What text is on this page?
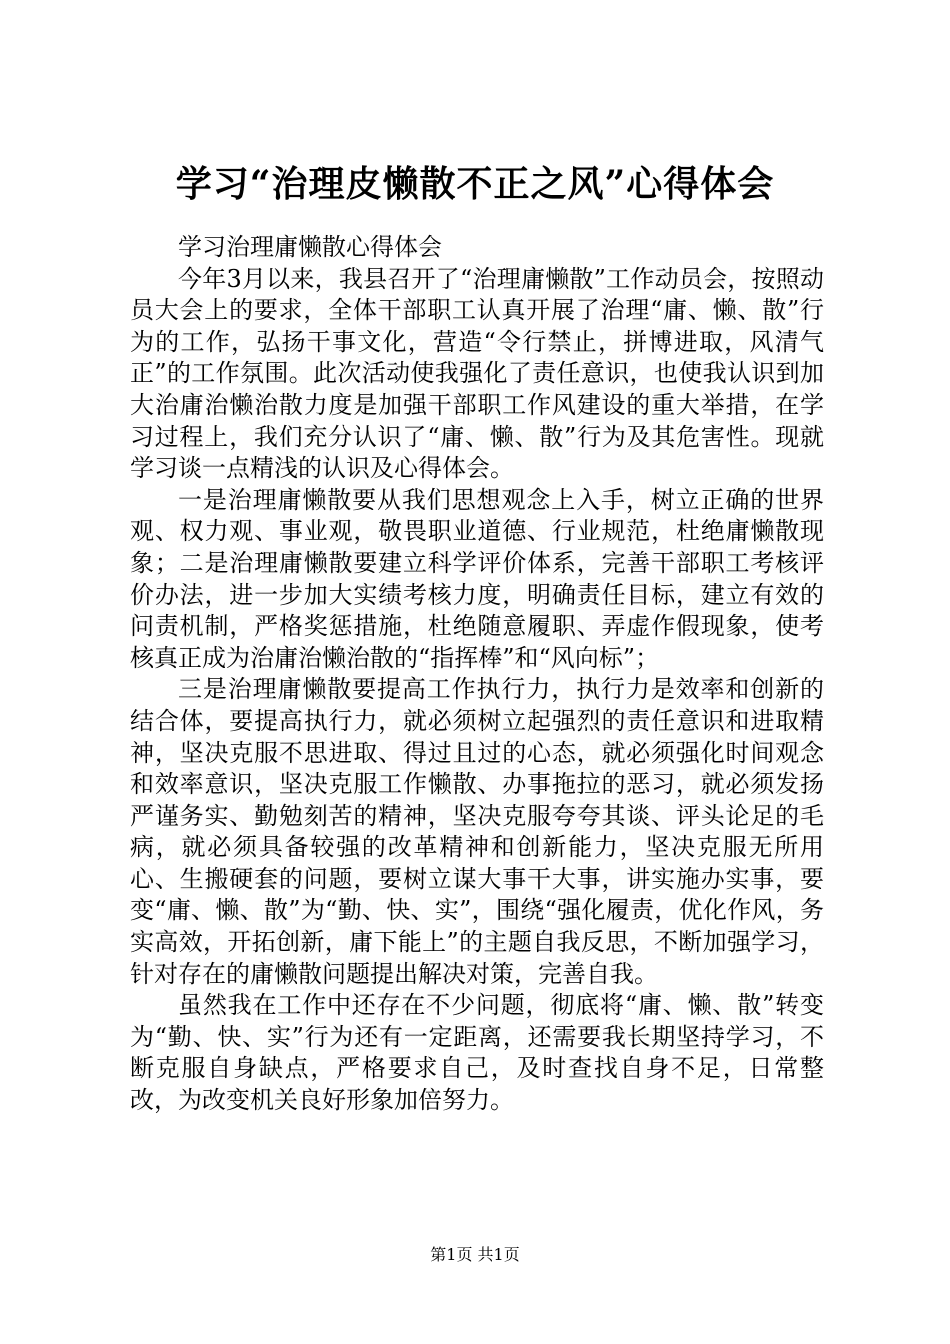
学习“治理皮懒散不正之风”心得体会

学习治理庸懒散心得体会

今年3月以来，我县召开了“治理庸懒散”工作动员会，按照动员大会上的要求，全体干部职工认真开展了治理“庸、懒、散”行为的工作，弘扬干事文化，营造“令行禁止，拼博进取，风清气正”的工作氛围。此次活动使我强化了责任意识，也使我认识到加大治庸治懒治散力度是加强干部职工作风建设的重大举措，在学习过程上，我们充分认识了“庸、懒、散”行为及其危害性。现就学习谈一点精浅的认识及心得体会。

一是治理庸懒散要从我们思想观念上入手，树立正确的世界观、权力观、事业观，敬畏职业道德、行业规范，杜绝庸懒散现象；二是治理庸懒散要建立科学评价体系，完善干部职工考核评价办法，进一步加大实绩考核力度，明确责任目标，建立有效的问责机制，严格奖惩措施，杜绝随意履职、弄虚作假现象，使考核真正成为治庸治懒治散的“指挥棒”和“风向标”；

三是治理庸懒散要提高工作执行力，执行力是效率和创新的结合体，要提高执行力，就必须树立起强烈的责任意识和进取精神，坚决克服不思进取、得过且过的心态，就必须强化时间观念和效率意识，坚决克服工作懒散、办事拖拉的恶习，就必须发扬严谨务实、勤勉刻苦的精神，坚决克服夸夸其谈、评头论足的毛病，就必须具备较强的改革精神和创新能力，坚决克服无所用心、生搬硬套的问题，要树立谋大事干大事，讲实施办实事，要变“庸、懒、散”为“勤、快、实”，围绕“强化履责，优化作风，务实高效，开拓创新，庸下能上”的主题自我反思，不断加强学习，针对存在的庸懒散问题提出解决对策，完善自我。

虽然我在工作中还存在不少问题，彻底将“庸、懒、散”转变为“勤、快、实”行为还有一定距离，还需要我长期坚持学习，不断克服自身缺点，严格要求自己，及时查找自身不足，日常整改，为改变机关良好形象加倍努力。

第1页 共1页
